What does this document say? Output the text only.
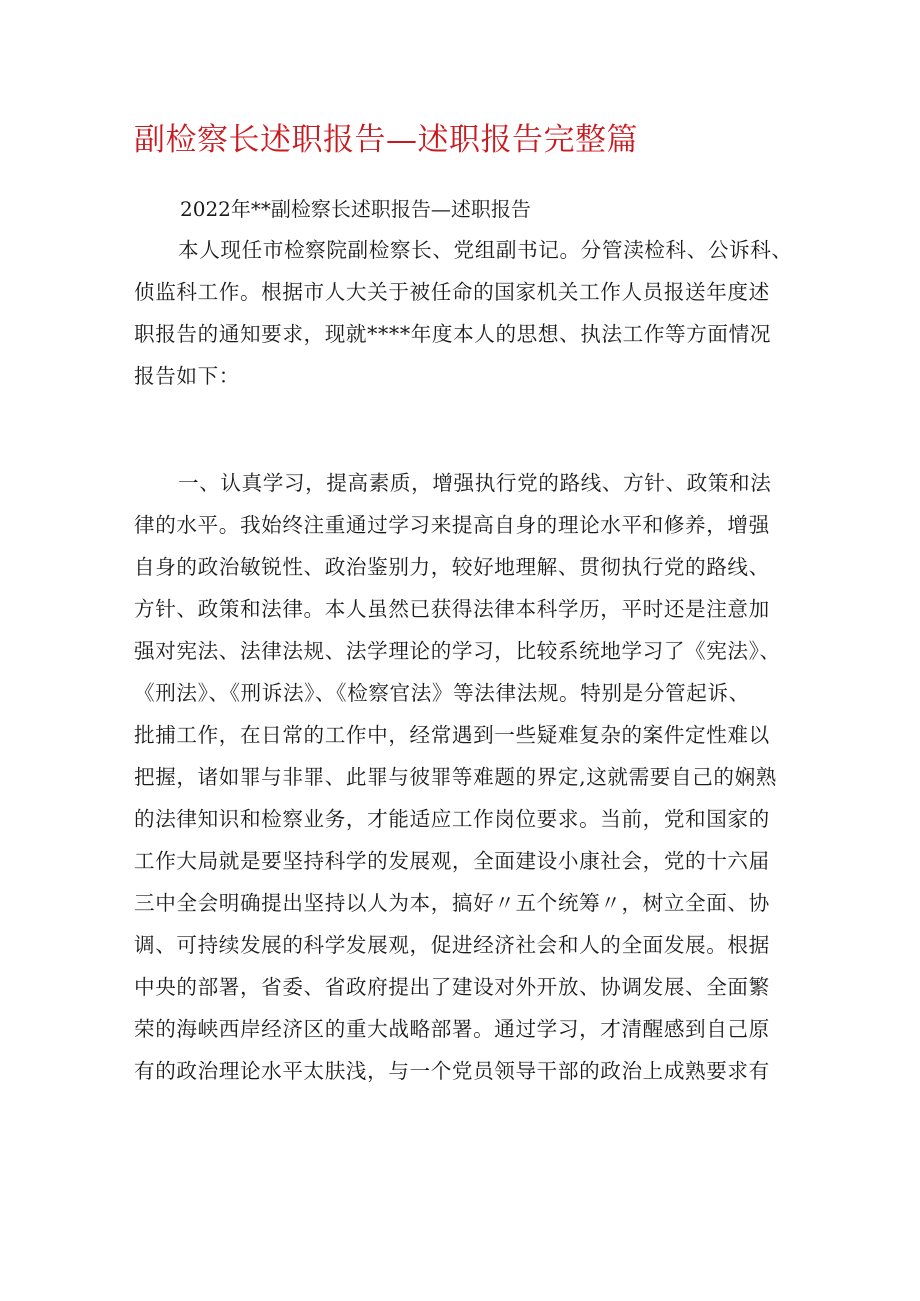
副检察长述职报告—述职报告完整篇
2022年**副检察长述职报告—述职报告
本人现任市检察院副检察长、党组副书记。分管渎检科、公诉科、
侦监科工作。根据市人大关于被任命的国家机关工作人员报送年度述
职报告的通知要求，现就****年度本人的思想、执法工作等方面情况
报告如下：
一、认真学习，提高素质，增强执行党的路线、方针、政策和法
律的水平。我始终注重通过学习来提高自身的理论水平和修养，增强
自身的政治敏锐性、政治鉴别力，较好地理解、贯彻执行党的路线、
方针、政策和法律。本人虽然已获得法律本科学历，平时还是注意加
强对宪法、法律法规、法学理论的学习，比较系统地学习了《宪法》、
《刑法》、《刑诉法》、《检察官法》等法律法规。特别是分管起诉、
批捕工作，在日常的工作中，经常遇到一些疑难复杂的案件定性难以
把握，诸如罪与非罪、此罪与彼罪等难题的界定,这就需要自己的娴熟
的法律知识和检察业务，才能适应工作岗位要求。当前，党和国家的
工作大局就是要坚持科学的发展观，全面建设小康社会，党的十六届
三中全会明确提出坚持以人为本，搞好〃五个统筹〃，树立全面、协
调、可持续发展的科学发展观，促进经济社会和人的全面发展。根据
中央的部署，省委、省政府提出了建设对外开放、协调发展、全面繁
荣的海峡西岸经济区的重大战略部署。通过学习，才清醒感到自己原
有的政治理论水平太肤浅，与一个党员领导干部的政治上成熟要求有
